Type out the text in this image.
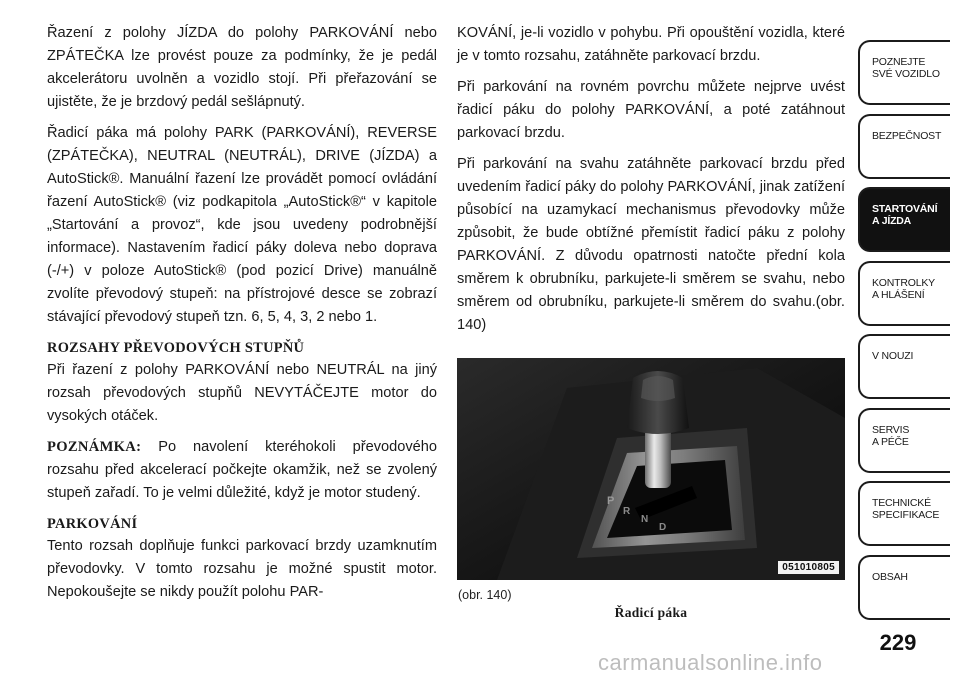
Řazení z polohy JÍZDA do polohy PARKOVÁNÍ nebo ZPÁTEČKA lze provést pouze za podmínky, že je pedál akcelerátoru uvolněn a vozidlo stojí. Při přeřazování se ujistěte, že je brzdový pedál sešlápnutý.

Řadicí páka má polohy PARK (PARKOVÁNÍ), REVERSE (ZPÁTEČKA), NEUTRAL (NEUTRÁL), DRIVE (JÍZDA) a AutoStick®. Manuální řazení lze provádět pomocí ovládání řazení AutoStick® (viz podkapitola „AutoStick®“ v kapitole „Startování a provoz“, kde jsou uvedeny podrobnější informace). Nastavením řadicí páky doleva nebo doprava (-/+) v poloze AutoStick® (pod pozicí Drive) manuálně zvolíte převodový stupeň: na přístrojové desce se zobrazí stávající převodový stupeň tzn. 6, 5, 4, 3, 2 nebo 1.

ROZSAHY PŘEVODOVÝCH STUPŇŮ

Při řazení z polohy PARKOVÁNÍ nebo NEUTRÁL na jiný rozsah převodových stupňů NEVYTÁČEJTE motor do vysokých otáček.

POZNÁMKA: Po navolení kteréhokoli převodového rozsahu před akcelerací počkejte okamžik, než se zvolený stupeň zařadí. To je velmi důležité, když je motor studený.

PARKOVÁNÍ

Tento rozsah doplňuje funkci parkovací brzdy uzamknutím převodovky. V tomto rozsahu je možné spustit motor. Nepokoušejte se nikdy použít polohu PAR-

KOVÁNÍ, je-li vozidlo v pohybu. Při opouštění vozidla, které je v tomto rozsahu, zatáhněte parkovací brzdu.

Při parkování na rovném povrchu můžete nejprve uvést řadicí páku do polohy PARKOVÁNÍ, a poté zatáhnout parkovací brzdu.

Při parkování na svahu zatáhněte parkovací brzdu před uvedením řadicí páky do polohy PARKOVÁNÍ, jinak zatížení působící na uzamykací mechanismus převodovky může způsobit, že bude obtížné přemístit řadicí páku z polohy PARKOVÁNÍ. Z důvodu opatrnosti natočte přední kola směrem k obrubníku, parkujete-li směrem se svahu, nebo směrem od obrubníku, parkujete-li směrem do svahu.(obr. 140)

P
R
N
D
051010805
(obr. 140)
Řadicí páka
POZNEJTE
SVÉ VOZIDLO
BEZPEČNOST
STARTOVÁNÍ
A JÍZDA
KONTROLKY
A HLÁŠENÍ
V NOUZI
SERVIS
A PÉČE
TECHNICKÉ
SPECIFIKACE
OBSAH
229
carmanualsonline.info
